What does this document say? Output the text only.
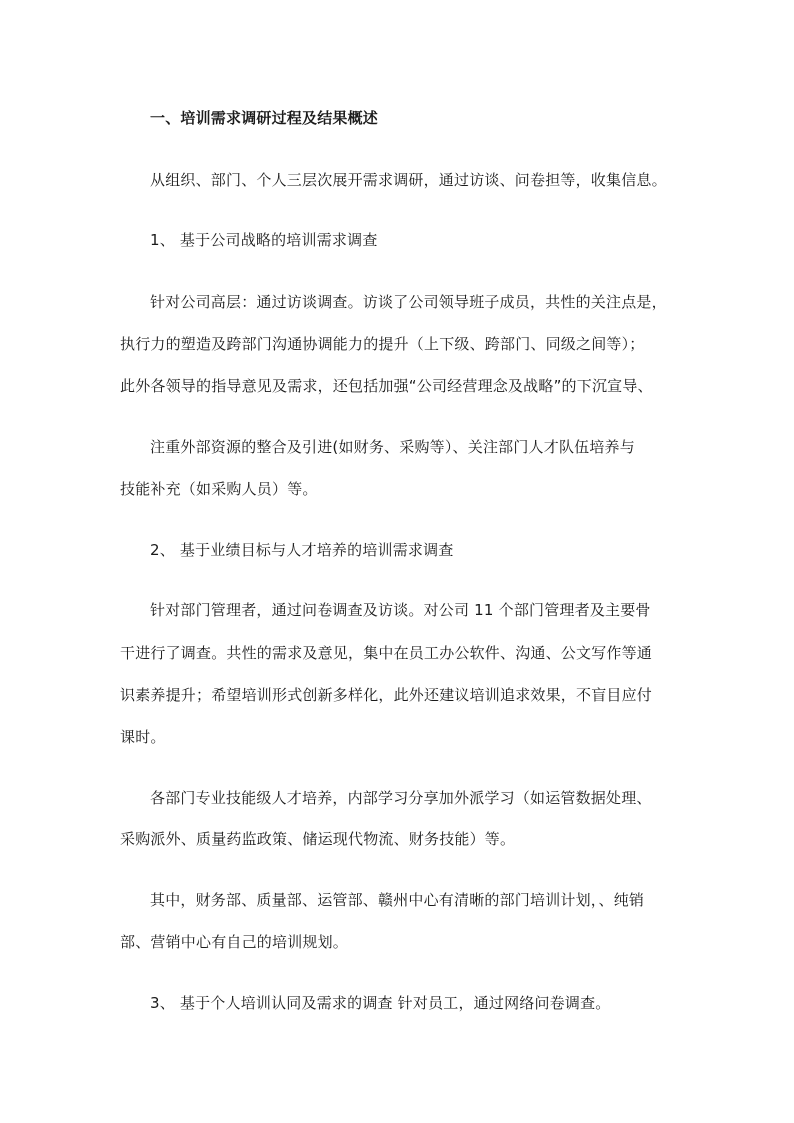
一、培训需求调研过程及结果概述
从组织、部门、个人三层次展开需求调研，通过访谈、问卷担等，收集信息。
1、 基于公司战略的培训需求调查
针对公司高层：通过访谈调查。访谈了公司领导班子成员，共性的关注点是，
执行力的塑造及跨部门沟通协调能力的提升（上下级、跨部门、同级之间等）；
此外各领导的指导意见及需求，还包括加强“公司经营理念及战略”的下沉宣导、
注重外部资源的整合及引进(如财务、采购等）、关注部门人才队伍培养与
技能补充（如采购人员）等。
2、 基于业绩目标与人才培养的培训需求调查
针对部门管理者，通过问卷调查及访谈。对公司 11 个部门管理者及主要骨
干进行了调查。共性的需求及意见，集中在员工办公软件、沟通、公文写作等通
识素养提升；希望培训形式创新多样化，此外还建议培训追求效果，不盲目应付
课时。
各部门专业技能级人才培养，内部学习分享加外派学习（如运管数据处理、
采购派外、质量药监政策、储运现代物流、财务技能）等。
其中，财务部、质量部、运管部、赣州中心有清晰的部门培训计划，、纯销
部、营销中心有自己的培训规划。
3、 基于个人培训认同及需求的调查 针对员工，通过网络问卷调查。
